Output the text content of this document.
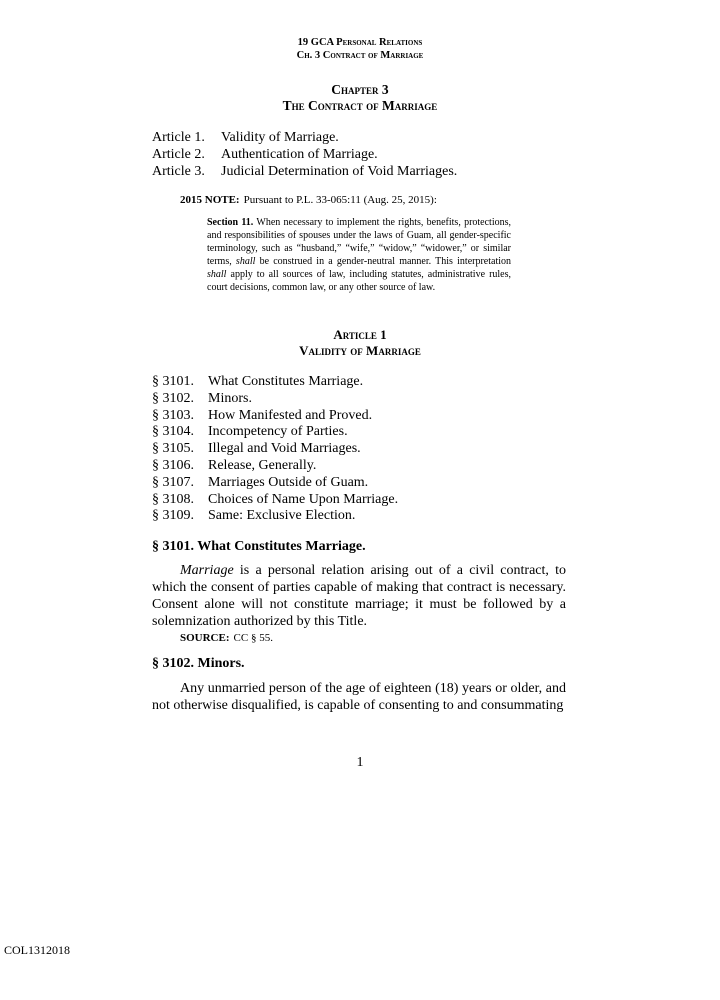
19 GCA Personal Relations
Ch. 3 Contract of Marriage
Chapter 3
The Contract of Marriage
Article 1.	Validity of Marriage.
Article 2.	Authentication of Marriage.
Article 3.	Judicial Determination of Void Marriages.
2015 NOTE: Pursuant to P.L. 33-065:11 (Aug. 25, 2015):
Section 11. When necessary to implement the rights, benefits, protections, and responsibilities of spouses under the laws of Guam, all gender-specific terminology, such as “husband,” “wife,” “widow,” “widower,” or similar terms, shall be construed in a gender-neutral manner. This interpretation shall apply to all sources of law, including statutes, administrative rules, court decisions, common law, or any other source of law.
Article 1
Validity of Marriage
§ 3101.	What Constitutes Marriage.
§ 3102.	Minors.
§ 3103.	How Manifested and Proved.
§ 3104.	Incompetency of Parties.
§ 3105.	Illegal and Void Marriages.
§ 3106.	Release, Generally.
§ 3107.	Marriages Outside of Guam.
§ 3108.	Choices of Name Upon Marriage.
§ 3109.	Same: Exclusive Election.
§ 3101. What Constitutes Marriage.
Marriage is a personal relation arising out of a civil contract, to which the consent of parties capable of making that contract is necessary. Consent alone will not constitute marriage; it must be followed by a solemnization authorized by this Title.
SOURCE: CC § 55.
§ 3102. Minors.
Any unmarried person of the age of eighteen (18) years or older, and not otherwise disqualified, is capable of consenting to and consummating
1
COL1312018
